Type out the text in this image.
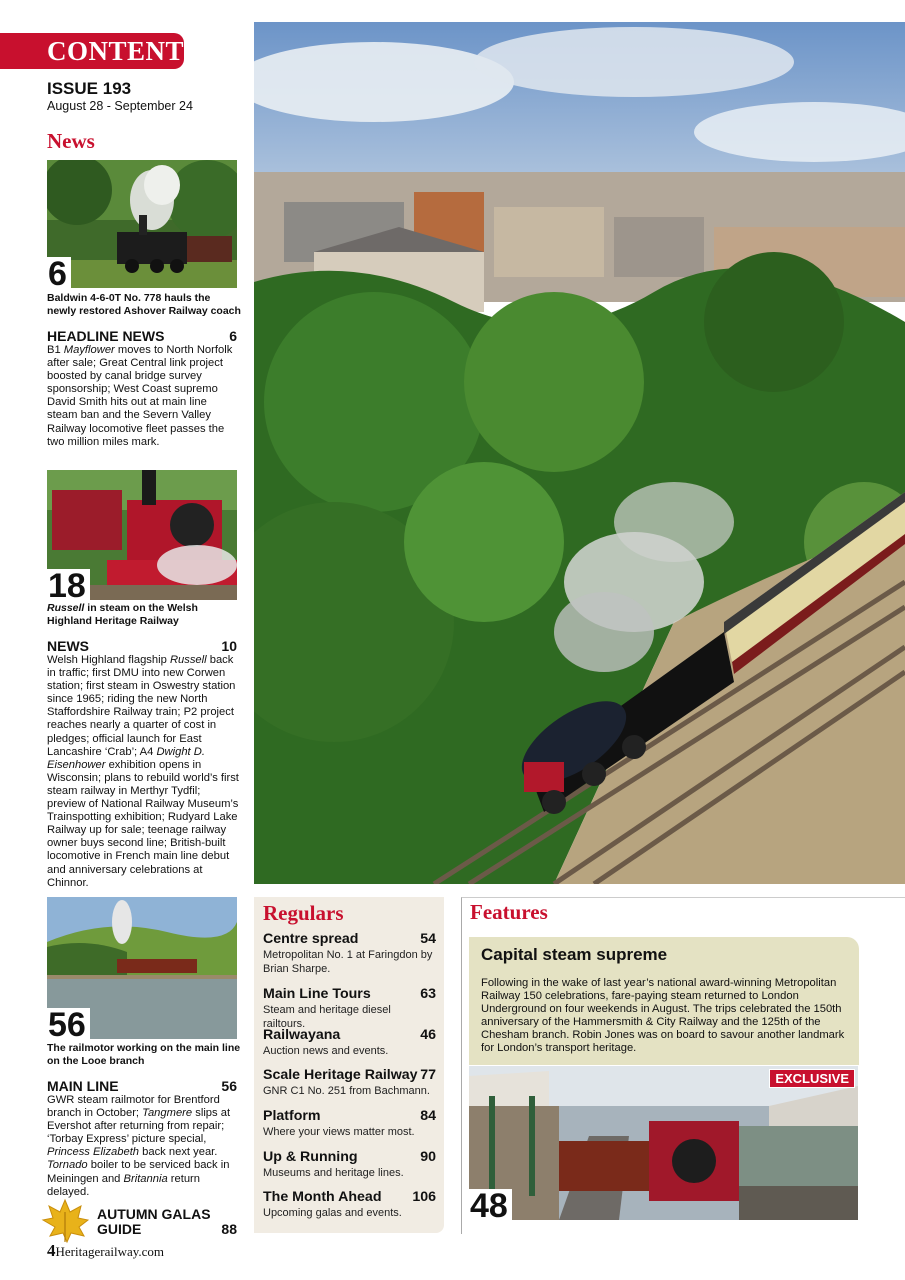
CONTENTS
ISSUE 193
August 28 - September 24
News
6
Baldwin 4-6-0T No. 778 hauls the newly restored Ashover Railway coach
HEADLINE NEWS	6
B1 Mayflower moves to North Norfolk after sale; Great Central link project boosted by canal bridge survey sponsorship; West Coast supremo David Smith hits out at main line steam ban and the Severn Valley Railway locomotive fleet passes the two million miles mark.
18
Russell in steam on the Welsh Highland Heritage Railway
NEWS	10
Welsh Highland flagship Russell back in traffic; first DMU into new Corwen station; first steam in Oswestry station since 1965; riding the new North Staffordshire Railway train; P2 project reaches nearly a quarter of cost in pledges; official launch for East Lancashire ‘Crab’; A4 Dwight D. Eisenhower exhibition opens in Wisconsin; plans to rebuild world’s first steam railway in Merthyr Tydfil; preview of National Railway Museum’s Trainspotting exhibition; Rudyard Lake Railway up for sale; teenage railway owner buys second line; British-built locomotive in French main line debut and anniversary celebrations at Chinnor.
56
The railmotor working on the main line on the Looe branch
MAIN LINE	56
GWR steam railmotor for Brentford branch in October; Tangmere slips at Evershot after returning from repair; ‘Torbay Express’ picture special, Princess Elizabeth back next year. Tornado boiler to be serviced back in Meiningen and Britannia return delayed.
AUTUMN GALAS
GUIDE	88
4Heritagerailway.com
Regulars
Centre spread	54
Metropolitan No. 1 at Faringdon by Brian Sharpe.
Main Line Tours	63
Steam and heritage diesel railtours.
Railwayana	46
Auction news and events.
Scale Heritage Railway 77
GNR C1 No. 251 from Bachmann.
Platform	84
Where your views matter most.
Up & Running	90
Museums and heritage lines.
The Month Ahead 106
Upcoming galas and events.
Features
Capital steam supreme
Following in the wake of last year’s national award-winning Metropolitan Railway 150 celebrations, fare-paying steam returned to London Underground on four weekends in August. The trips celebrated the 150th anniversary of the Hammersmith & City Railway and the 125th of the Chesham branch. Robin Jones was on board to savour another landmark for London’s transport heritage.
EXCLUSIVE
48
